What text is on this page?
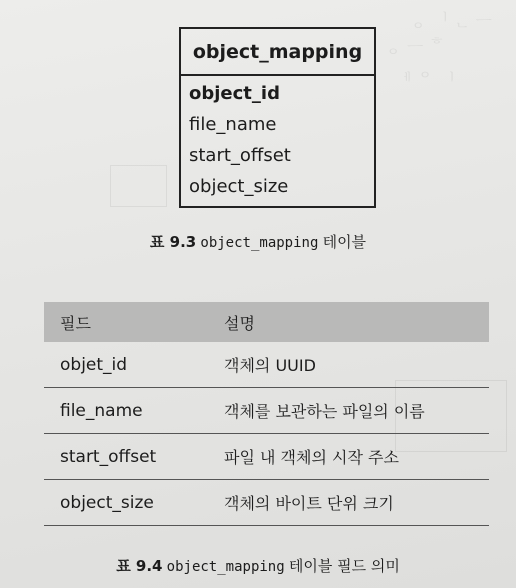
ᆼ ᅵ ᆫ ᅳ
ᆼ ᅳ ᄒ
ᅦ ᄋ ᅵ
object_mapping
object_id
file_name
start_offset
object_size
표 9.3 object_mapping 테이블
필드	설명
objet_id	객체의 UUID
file_name	객체를 보관하는 파일의 이름
start_offset	파일 내 객체의 시작 주소
object_size	객체의 바이트 단위 크기
표 9.4 object_mapping 테이블 필드 의미
